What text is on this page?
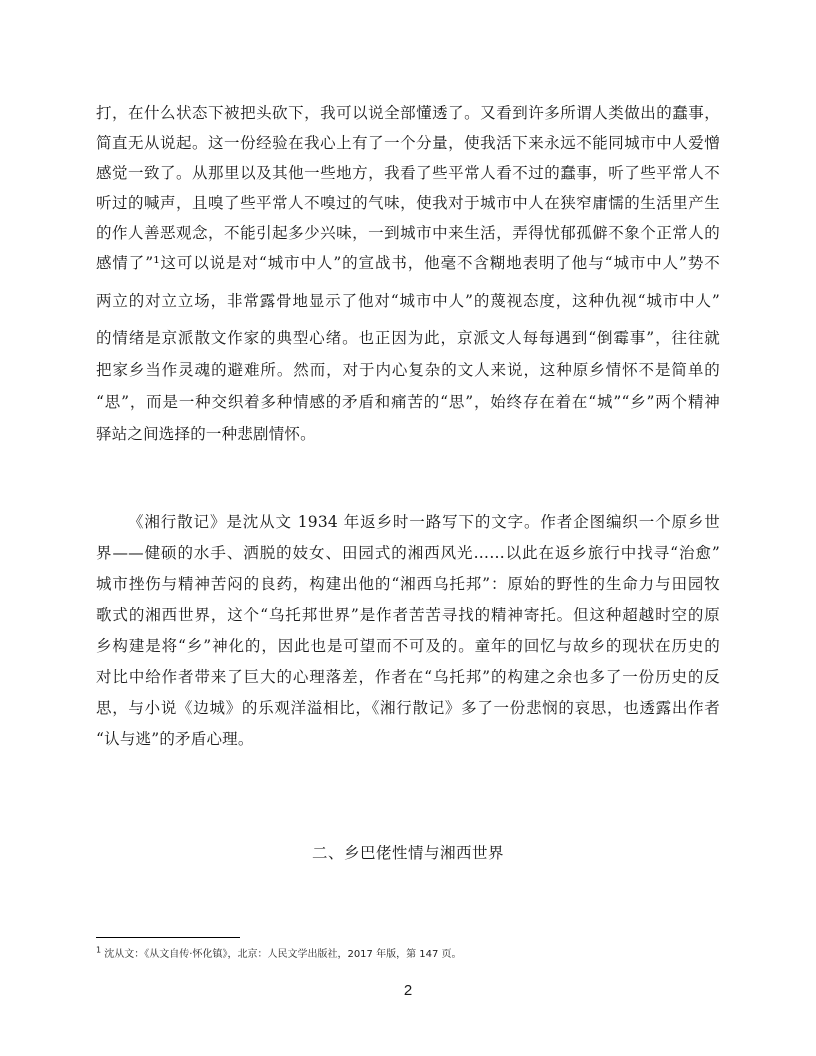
打，在什么状态下被把头砍下，我可以说全部懂透了。又看到许多所谓人类做出的蠢事，
简直无从说起。这一份经验在我心上有了一个分量，使我活下来永远不能同城市中人爱憎
感觉一致了。从那里以及其他一些地方，我看了些平常人看不过的蠢事，听了些平常人不
听过的喊声，且嗅了些平常人不嗅过的气味，使我对于城市中人在狭窄庸懦的生活里产生
的作人善恶观念，不能引起多少兴味，一到城市中来生活，弄得忧郁孤僻不象个正常人的
感情了”¹这可以说是对“城市中人”的宣战书，他毫不含糊地表明了他与“城市中人”势不
两立的对立立场，非常露骨地显示了他对“城市中人”的蔑视态度，这种仇视“城市中人”
的情绪是京派散文作家的典型心绪。也正因为此，京派文人每每遇到“倒霉事”，往往就
把家乡当作灵魂的避难所。然而，对于内心复杂的文人来说，这种原乡情怀不是简单的
“思”，而是一种交织着多种情感的矛盾和痛苦的“思”，始终存在着在“城”“乡”两个精神
驿站之间选择的一种悲剧情怀。
《湘行散记》是沈从文 1934 年返乡时一路写下的文字。作者企图编织一个原乡世
界——健硕的水手、洒脱的妓女、田园式的湘西风光……以此在返乡旅行中找寻“治愈”
城市挫伤与精神苦闷的良药，构建出他的“湘西乌托邦”：原始的野性的生命力与田园牧
歌式的湘西世界，这个“乌托邦世界”是作者苦苦寻找的精神寄托。但这种超越时空的原
乡构建是将“乡”神化的，因此也是可望而不可及的。童年的回忆与故乡的现状在历史的
对比中给作者带来了巨大的心理落差，作者在“乌托邦”的构建之余也多了一份历史的反
思，与小说《边城》的乐观洋溢相比，《湘行散记》多了一份悲悯的哀思，也透露出作者
“认与逃”的矛盾心理。
二、乡巴佬性情与湘西世界
$^1$ 沈从文：《从文自传·怀化镇》，北京：人民文学出版社，2017 年版，第 147 页。
2
